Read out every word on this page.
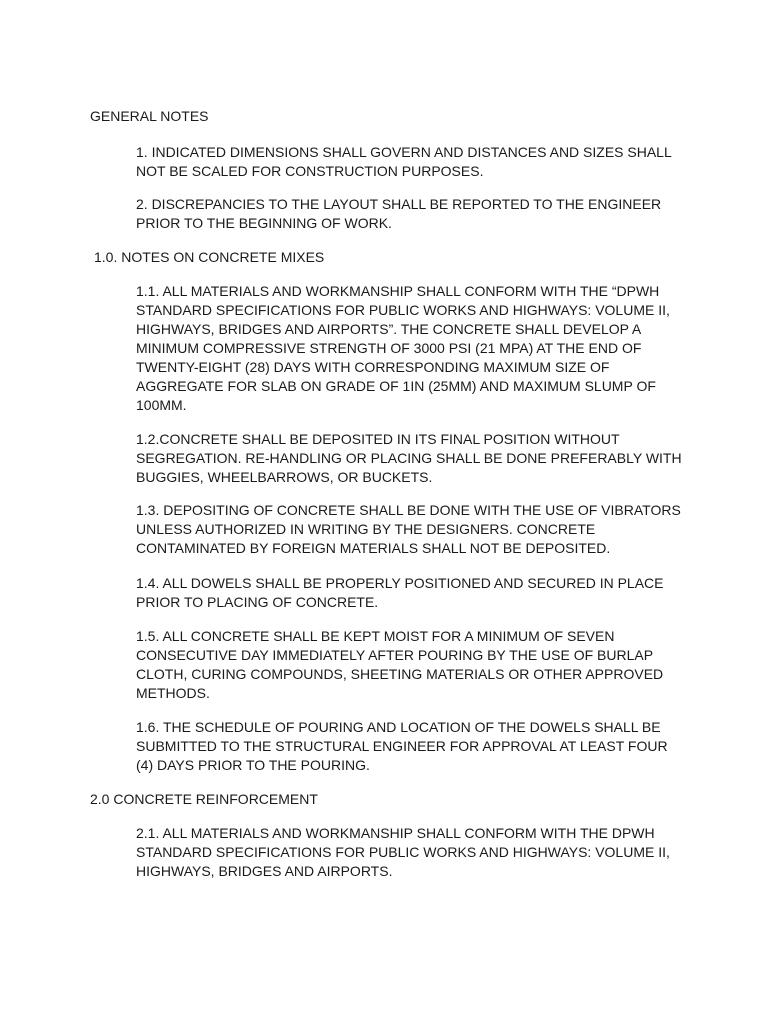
GENERAL NOTES

1. INDICATED DIMENSIONS SHALL GOVERN AND DISTANCES AND SIZES SHALL
NOT BE SCALED FOR CONSTRUCTION PURPOSES.

2. DISCREPANCIES TO THE LAYOUT SHALL BE REPORTED TO THE ENGINEER
PRIOR TO THE BEGINNING OF WORK.

1.0. NOTES ON CONCRETE MIXES

1.1. ALL MATERIALS AND WORKMANSHIP SHALL CONFORM WITH THE “DPWH
STANDARD SPECIFICATIONS FOR PUBLIC WORKS AND HIGHWAYS: VOLUME II,
HIGHWAYS, BRIDGES AND AIRPORTS”. THE CONCRETE SHALL DEVELOP A
MINIMUM COMPRESSIVE STRENGTH OF 3000 PSI (21 MPA) AT THE END OF
TWENTY-EIGHT (28) DAYS WITH CORRESPONDING MAXIMUM SIZE OF
AGGREGATE FOR SLAB ON GRADE OF 1IN (25MM) AND MAXIMUM SLUMP OF
100MM.

1.2.CONCRETE SHALL BE DEPOSITED IN ITS FINAL POSITION WITHOUT
SEGREGATION. RE-HANDLING OR PLACING SHALL BE DONE PREFERABLY WITH
BUGGIES, WHEELBARROWS, OR BUCKETS.

1.3. DEPOSITING OF CONCRETE SHALL BE DONE WITH THE USE OF VIBRATORS
UNLESS AUTHORIZED IN WRITING BY THE DESIGNERS. CONCRETE
CONTAMINATED BY FOREIGN MATERIALS SHALL NOT BE DEPOSITED.

1.4. ALL DOWELS SHALL BE PROPERLY POSITIONED AND SECURED IN PLACE
PRIOR TO PLACING OF CONCRETE.

1.5. ALL CONCRETE SHALL BE KEPT MOIST FOR A MINIMUM OF SEVEN
CONSECUTIVE DAY IMMEDIATELY AFTER POURING BY THE USE OF BURLAP
CLOTH, CURING COMPOUNDS, SHEETING MATERIALS OR OTHER APPROVED
METHODS.

1.6. THE SCHEDULE OF POURING AND LOCATION OF THE DOWELS SHALL BE
SUBMITTED TO THE STRUCTURAL ENGINEER FOR APPROVAL AT LEAST FOUR
(4) DAYS PRIOR TO THE POURING.

2.0 CONCRETE REINFORCEMENT

2.1. ALL MATERIALS AND WORKMANSHIP SHALL CONFORM WITH THE DPWH
STANDARD SPECIFICATIONS FOR PUBLIC WORKS AND HIGHWAYS: VOLUME II,
HIGHWAYS, BRIDGES AND AIRPORTS.
